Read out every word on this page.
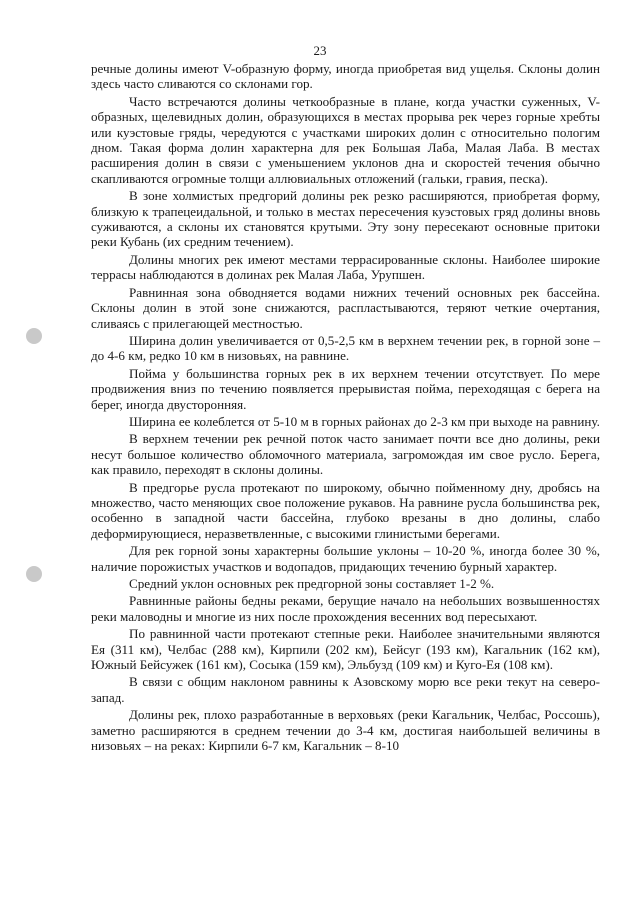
23

речные долины имеют V-образную форму, иногда приобретая вид ущелья. Склоны долин здесь часто сливаются со склонами гор.

Часто встречаются долины четкообразные в плане, когда участки суженных, V- образных, щелевидных долин, образующихся в местах прорыва рек через горные хребты или куэстовые гряды, чередуются с участками широких долин с относительно пологим дном. Такая форма долин характерна для рек Большая Лаба, Малая Лаба. В местах расширения долин в связи с уменьшением уклонов дна и скоростей течения обычно скапливаются огромные толщи аллювиальных отложений (гальки, гравия, песка).

В зоне холмистых предгорий долины рек резко расширяются, приобретая форму, близкую к трапецеидальной, и только в местах пересечения куэстовых гряд долины вновь суживаются, а склоны их становятся крутыми. Эту зону пересекают основные притоки реки Кубань (их средним течением).

Долины многих рек имеют местами террасированные склоны. Наиболее широкие террасы наблюдаются в долинах рек Малая Лаба, Урупшен.

Равнинная зона обводняется водами нижних течений основных рек бассейна. Склоны долин в этой зоне снижаются, распластываются, теряют четкие очертания, сливаясь с прилегающей местностью.

Ширина долин увеличивается от 0,5-2,5 км в верхнем течении рек, в горной зоне – до 4-6 км, редко 10 км в низовьях, на равнине.

Пойма у большинства горных рек в их верхнем течении отсутствует. По мере продвижения вниз по течению появляется прерывистая пойма, переходящая с берега на берег, иногда двусторонняя.

Ширина ее колеблется от 5-10 м в горных районах до 2-3 км при выходе на равнину.

В верхнем течении рек речной поток часто занимает почти все дно долины, реки несут большое количество обломочного материала, загромождая им свое русло. Берега, как правило, переходят в склоны долины.

В предгорье русла протекают по широкому, обычно пойменному дну, дробясь на множество, часто меняющих свое положение рукавов. На равнине русла большинства рек, особенно в западной части бассейна, глубоко врезаны в дно долины, слабо деформирующиеся, неразветвленные, с высокими глинистыми берегами.

Для рек горной зоны характерны большие уклоны – 10-20 %, иногда более 30 %, наличие порожистых участков и водопадов, придающих течению бурный характер.

Средний уклон основных рек предгорной зоны составляет 1-2 %.

Равнинные районы бедны реками, берущие начало на небольших возвышенностях реки маловодны и многие из них после прохождения весенних вод пересыхают.

По равнинной части протекают степные реки. Наиболее значительными являются Ея (311 км), Челбас (288 км), Кирпили (202 км), Бейсуг (193 км), Кагальник (162 км), Южный Бейсужек (161 км), Сосыка (159 км), Эльбузд (109 км) и Куго-Ея (108 км).

В связи с общим наклоном равнины к Азовскому морю все реки текут на северо-запад.

Долины рек, плохо разработанные в верховьях (реки Кагальник, Челбас, Россошь), заметно расширяются в среднем течении до 3-4 км, достигая наибольшей величины в низовьях – на реках: Кирпили 6-7 км, Кагальник – 8-10
